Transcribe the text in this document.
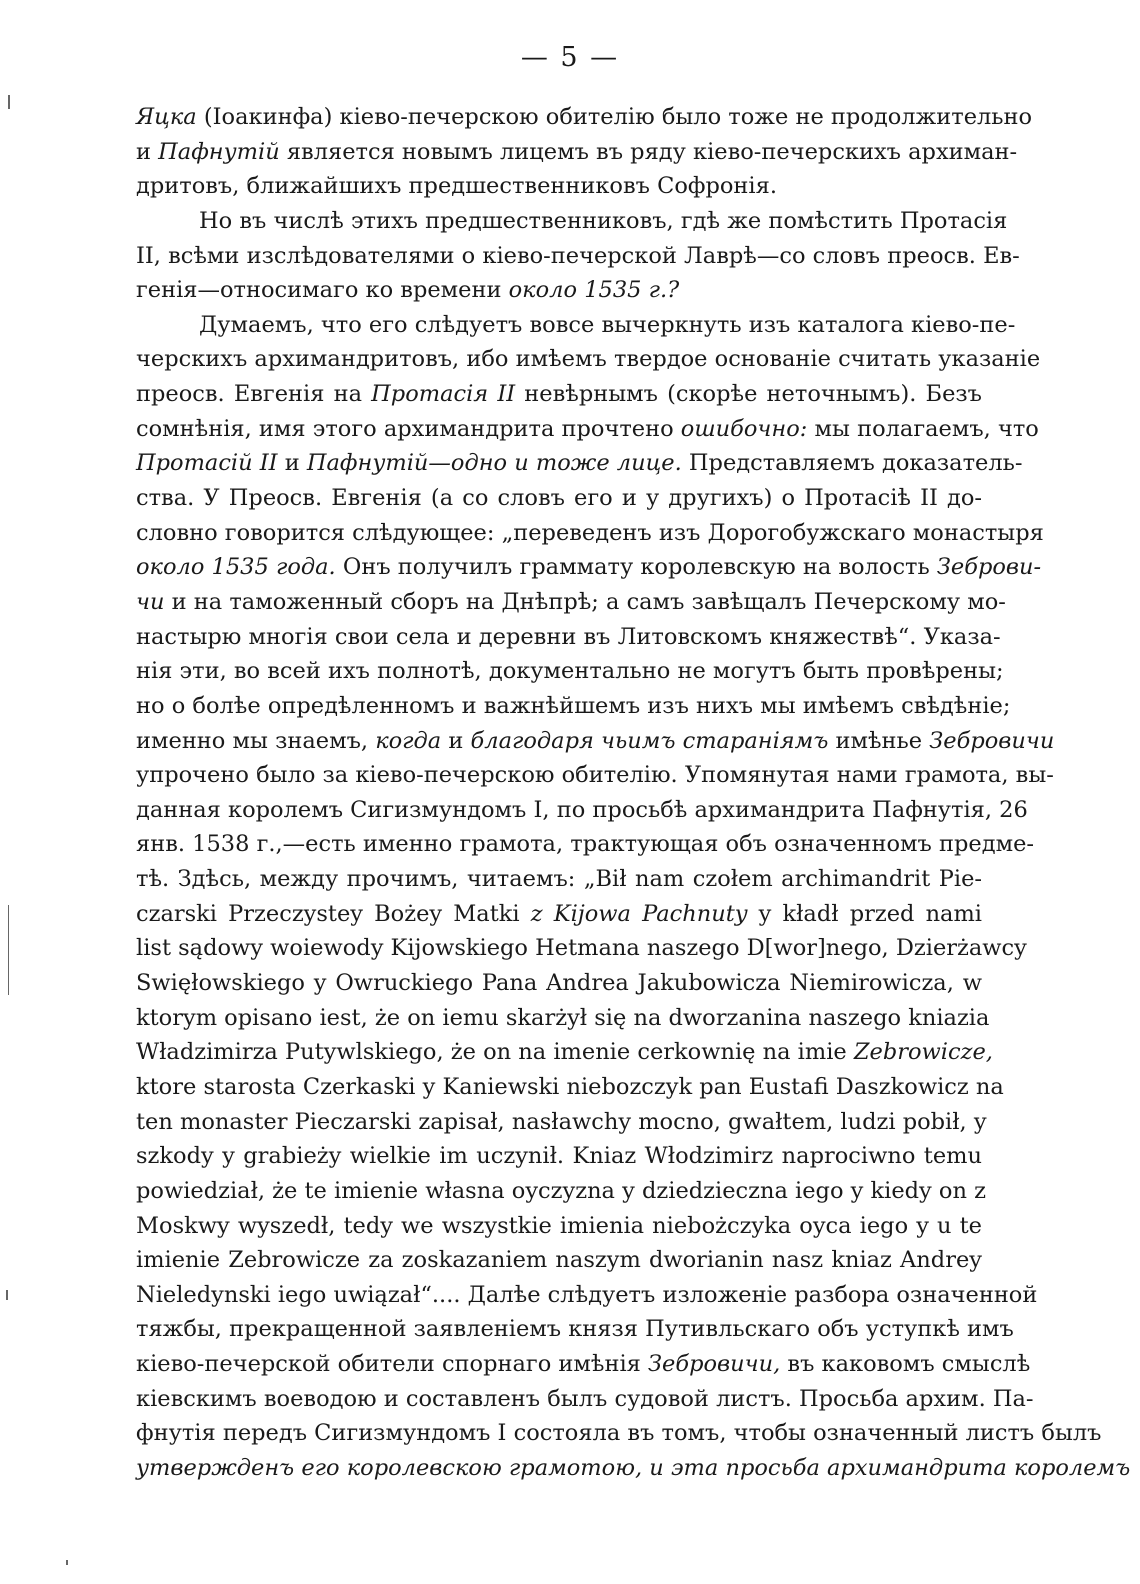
— 5 —
Яцка (Іоакинфа) кіево-печерскою обителію было тоже не продолжительно
и Пафнутій является новымъ лицемъ въ ряду кіево-печерскихъ архиман-
дритовъ, ближайшихъ предшественниковъ Софронія.
Но въ числѣ этихъ предшественниковъ, гдѣ же помѣстить Протасія
II, всѣми изслѣдователями о кіево-печерской Лаврѣ—со словъ преосв. Ев-
генія—относимаго ко времени около 1535 г.?
Думаемъ, что его слѣдуетъ вовсе вычеркнуть изъ каталога кіево-пе-
черскихъ архимандритовъ, ибо имѣемъ твердое основаніе считать указаніе
преосв. Евгенія на Протасія II невѣрнымъ (скорѣе неточнымъ). Безъ
сомнѣнія, имя этого архимандрита прочтено ошибочно: мы полагаемъ, что
Протасій II и Пафнутій—одно и тоже лице. Представляемъ доказатель-
ства. У Преосв. Евгенія (а со словъ его и у другихъ) о Протасіѣ II до-
словно говорится слѣдующее: „переведенъ изъ Дорогобужскаго монастыря
около 1535 года. Онъ получилъ граммату королевскую на волость Зеброви-
чи и на таможенный сборъ на Днѣпрѣ; а самъ завѣщалъ Печерскому мо-
настырю многія свои села и деревни въ Литовскомъ княжествѣ“. Указа-
нія эти, во всей ихъ полнотѣ, документально не могутъ быть провѣрены;
но о болѣе опредѣленномъ и важнѣйшемъ изъ нихъ мы имѣемъ свѣдѣніе;
именно мы знаемъ, когда и благодаря чьимъ стараніямъ имѣнье Зебровичи
упрочено было за кіево-печерскою обителію. Упомянутая нами грамота, вы-
данная королемъ Сигизмундомъ I, по просьбѣ архимандрита Пафнутія, 26
янв. 1538 г.,—есть именно грамота, трактующая объ означенномъ предме-
тѣ. Здѣсь, между прочимъ, читаемъ: „Bił nam czołem archimandrit Pie-
czarski Przeczystey Bożey Matki z Kijowa Pachnuty y kładł przed nami
list sądowy woiewody Kijowskiego Hetmana naszego D[wor]nego, Dzierżawcy
Swięłowskiego y Owruckiego Pana Andrea Jakubowicza Niemirowicza, w
ktorym opisano iest, że on iemu skarżył się na dworzanina naszego kniazia
Władzimirza Putywlskiego, że on na imenie cerkownię na imie Zebrowicze,
ktore starosta Czerkaski y Kaniewski niebozczyk pan Eustafi Daszkowicz na
ten monaster Pieczarski zapisał, nasławchy mocno, gwałtem, ludzi pobił, y
szkody y grabieży wielkie im uczynił. Kniaz Włodzimirz naprociwno temu
powiedział, że te imienie własna oyczyzna y dziedzieczna iego y kiedy on z
Moskwy wyszedł, tedy we wszystkie imienia niebożczyka oyca iego y u te
imienie Zebrowicze za zoskazaniem naszym dworianin nasz kniaz Andrey
Nieledynski iego uwiązał“.... Далѣе слѣдуетъ изложеніе разбора означенной
тяжбы, прекращенной заявленіемъ князя Путивльскаго объ уступкѣ имъ
кіево-печерской обители спорнаго имѣнія Зебровичи, въ каковомъ смыслѣ
кіевскимъ воеводою и составленъ былъ судовой листъ. Просьба архим. Па-
фнутія передъ Сигизмундомъ I состояла въ томъ, чтобы означенный листъ былъ
утвержденъ его королевскою грамотою, и эта просьба архимандрита королемъ
